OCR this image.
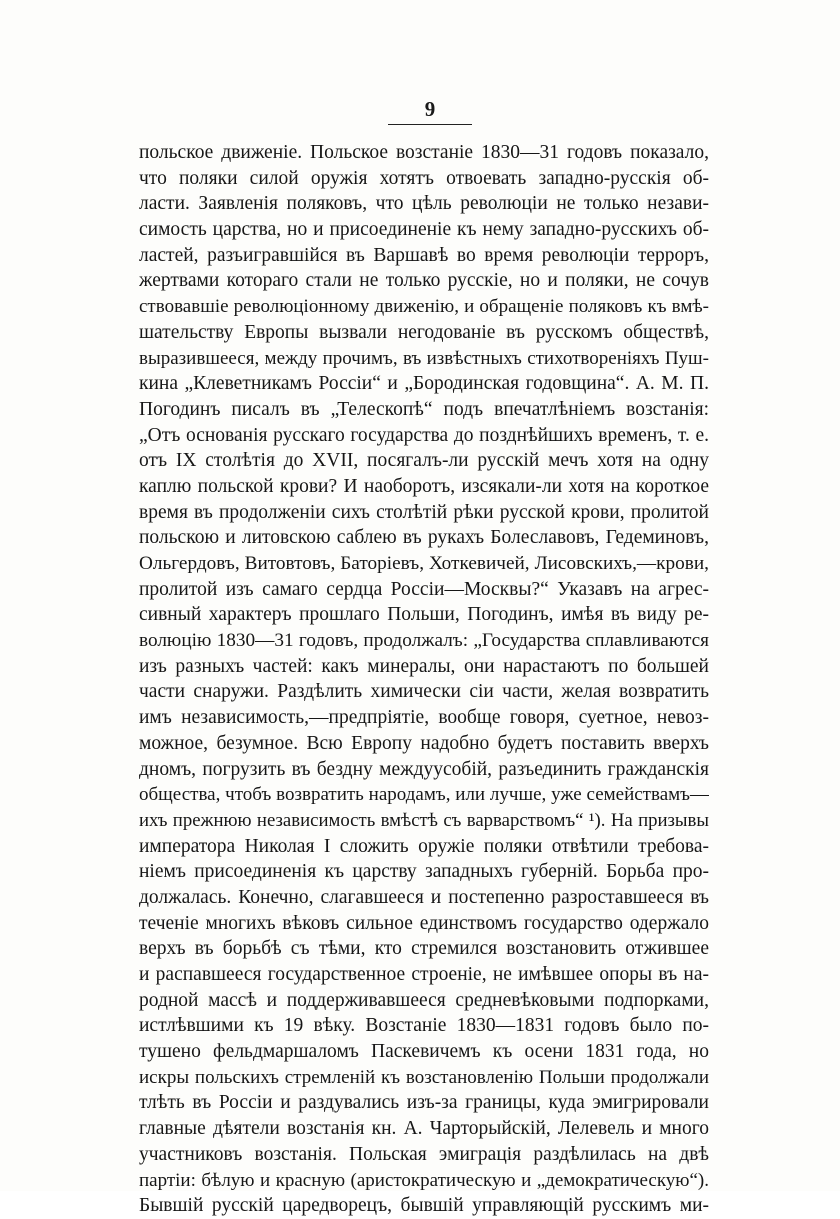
9
польское движеніе. Польское возстаніе 1830—31 годовъ показало,
что поляки силой оружія хотятъ отвоевать западно-русскія об-
ласти. Заявленія поляковъ, что цѣль революціи не только незави-
симость царства, но и присоединеніе къ нему западно-русскихъ об-
ластей, разъигравшійся въ Варшавѣ во время революціи терроръ,
жертвами котораго стали не только русскіе, но и поляки, не сочув
ствовавшіе революціонному движенію, и обращеніе поляковъ къ вмѣ-
шательству Европы вызвали негодованіе въ русскомъ обществѣ,
выразившееся, между прочимъ, въ извѣстныхъ стихотвореніяхъ Пуш-
кина „Клеветникамъ Россіи“ и „Бородинская годовщина“. А. М. П.
Погодинъ писалъ въ „Телескопѣ“ подъ впечатлѣніемъ возстанія:
„Отъ основанія русскаго государства до позднѣйшихъ временъ, т. е.
отъ IX столѣтія до XVII, посягалъ-ли русскій мечъ хотя на одну
каплю польской крови? И наоборотъ, изсякали-ли хотя на короткое
время въ продолженіи сихъ столѣтій рѣки русской крови, пролитой
польскою и литовскою саблею въ рукахъ Болеславовъ, Гедеминовъ,
Ольгердовъ, Витовтовъ, Баторіевъ, Хоткевичей, Лисовскихъ,—крови,
пролитой изъ самаго сердца Россіи—Москвы?“ Указавъ на агрес-
сивный характеръ прошлаго Польши, Погодинъ, имѣя въ виду ре-
волюцію 1830—31 годовъ, продолжалъ: „Государства сплавливаются
изъ разныхъ частей: какъ минералы, они нарастаютъ по большей
части снаружи. Раздѣлить химически сіи части, желая возвратить
имъ независимость,—предпріятіе, вообще говоря, суетное, невоз-
можное, безумное. Всю Европу надобно будетъ поставить вверхъ
дномъ, погрузить въ бездну междуусобій, разъединить гражданскія
общества, чтобъ возвратить народамъ, или лучше, уже семействамъ—
ихъ прежнюю независимость вмѣстѣ съ варварствомъ“ ¹). На призывы
императора Николая I сложить оружіе поляки отвѣтили требова-
ніемъ присоединенія къ царству западныхъ губерній. Борьба про-
должалась. Конечно, слагавшееся и постепенно разроставшееся въ
теченіе многихъ вѣковъ сильное единствомъ государство одержало
верхъ въ борьбѣ съ тѣми, кто стремился возстановить отжившее
и распавшееся государственное строеніе, не имѣвшее опоры въ на-
родной массѣ и поддерживавшееся средневѣковыми подпорками,
истлѣвшими къ 19 вѣку. Возстаніе 1830—1831 годовъ было по-
тушено фельдмаршаломъ Паскевичемъ къ осени 1831 года, но
искры польскихъ стремленій къ возстановленію Польши продолжали
тлѣть въ Россіи и раздувались изъ-за границы, куда эмигрировали
главные дѣятели возстанія кн. А. Чарторыйскій, Лелевель и много
участниковъ возстанія. Польская эмиграція раздѣлилась на двѣ
партіи: бѣлую и красную (аристократическую и „демократическую“).
Бывшій русскій царедворецъ, бывшій управляющій русскимъ ми-
